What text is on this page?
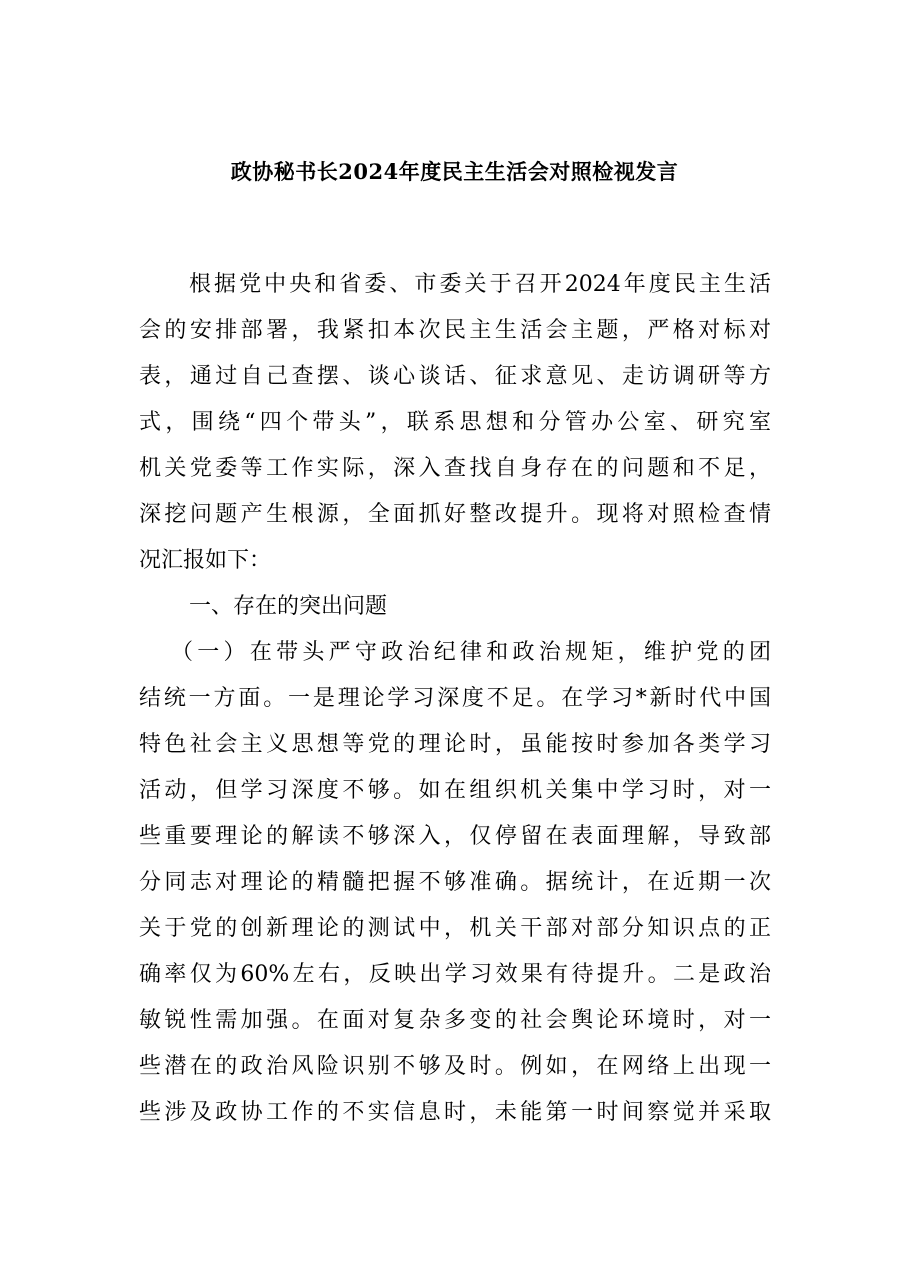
政协秘书长2024年度民主生活会对照检视发言
根据党中央和省委、市委关于召开2024年度民主生活
会的安排部署，我紧扣本次民主生活会主题，严格对标对
表，通过自己查摆、谈心谈话、征求意见、走访调研等方
式，围绕“四个带头”，联系思想和分管办公室、研究室
机关党委等工作实际，深入查找自身存在的问题和不足，
深挖问题产生根源，全面抓好整改提升。现将对照检查情
况汇报如下：
一、存在的突出问题
（一）在带头严守政治纪律和政治规矩，维护党的团
结统一方面。一是理论学习深度不足。在学习*新时代中国
特色社会主义思想等党的理论时，虽能按时参加各类学习
活动，但学习深度不够。如在组织机关集中学习时，对一
些重要理论的解读不够深入，仅停留在表面理解，导致部
分同志对理论的精髓把握不够准确。据统计，在近期一次
关于党的创新理论的测试中，机关干部对部分知识点的正
确率仅为60%左右，反映出学习效果有待提升。二是政治
敏锐性需加强。在面对复杂多变的社会舆论环境时，对一
些潜在的政治风险识别不够及时。例如，在网络上出现一
些涉及政协工作的不实信息时，未能第一时间察觉并采取
